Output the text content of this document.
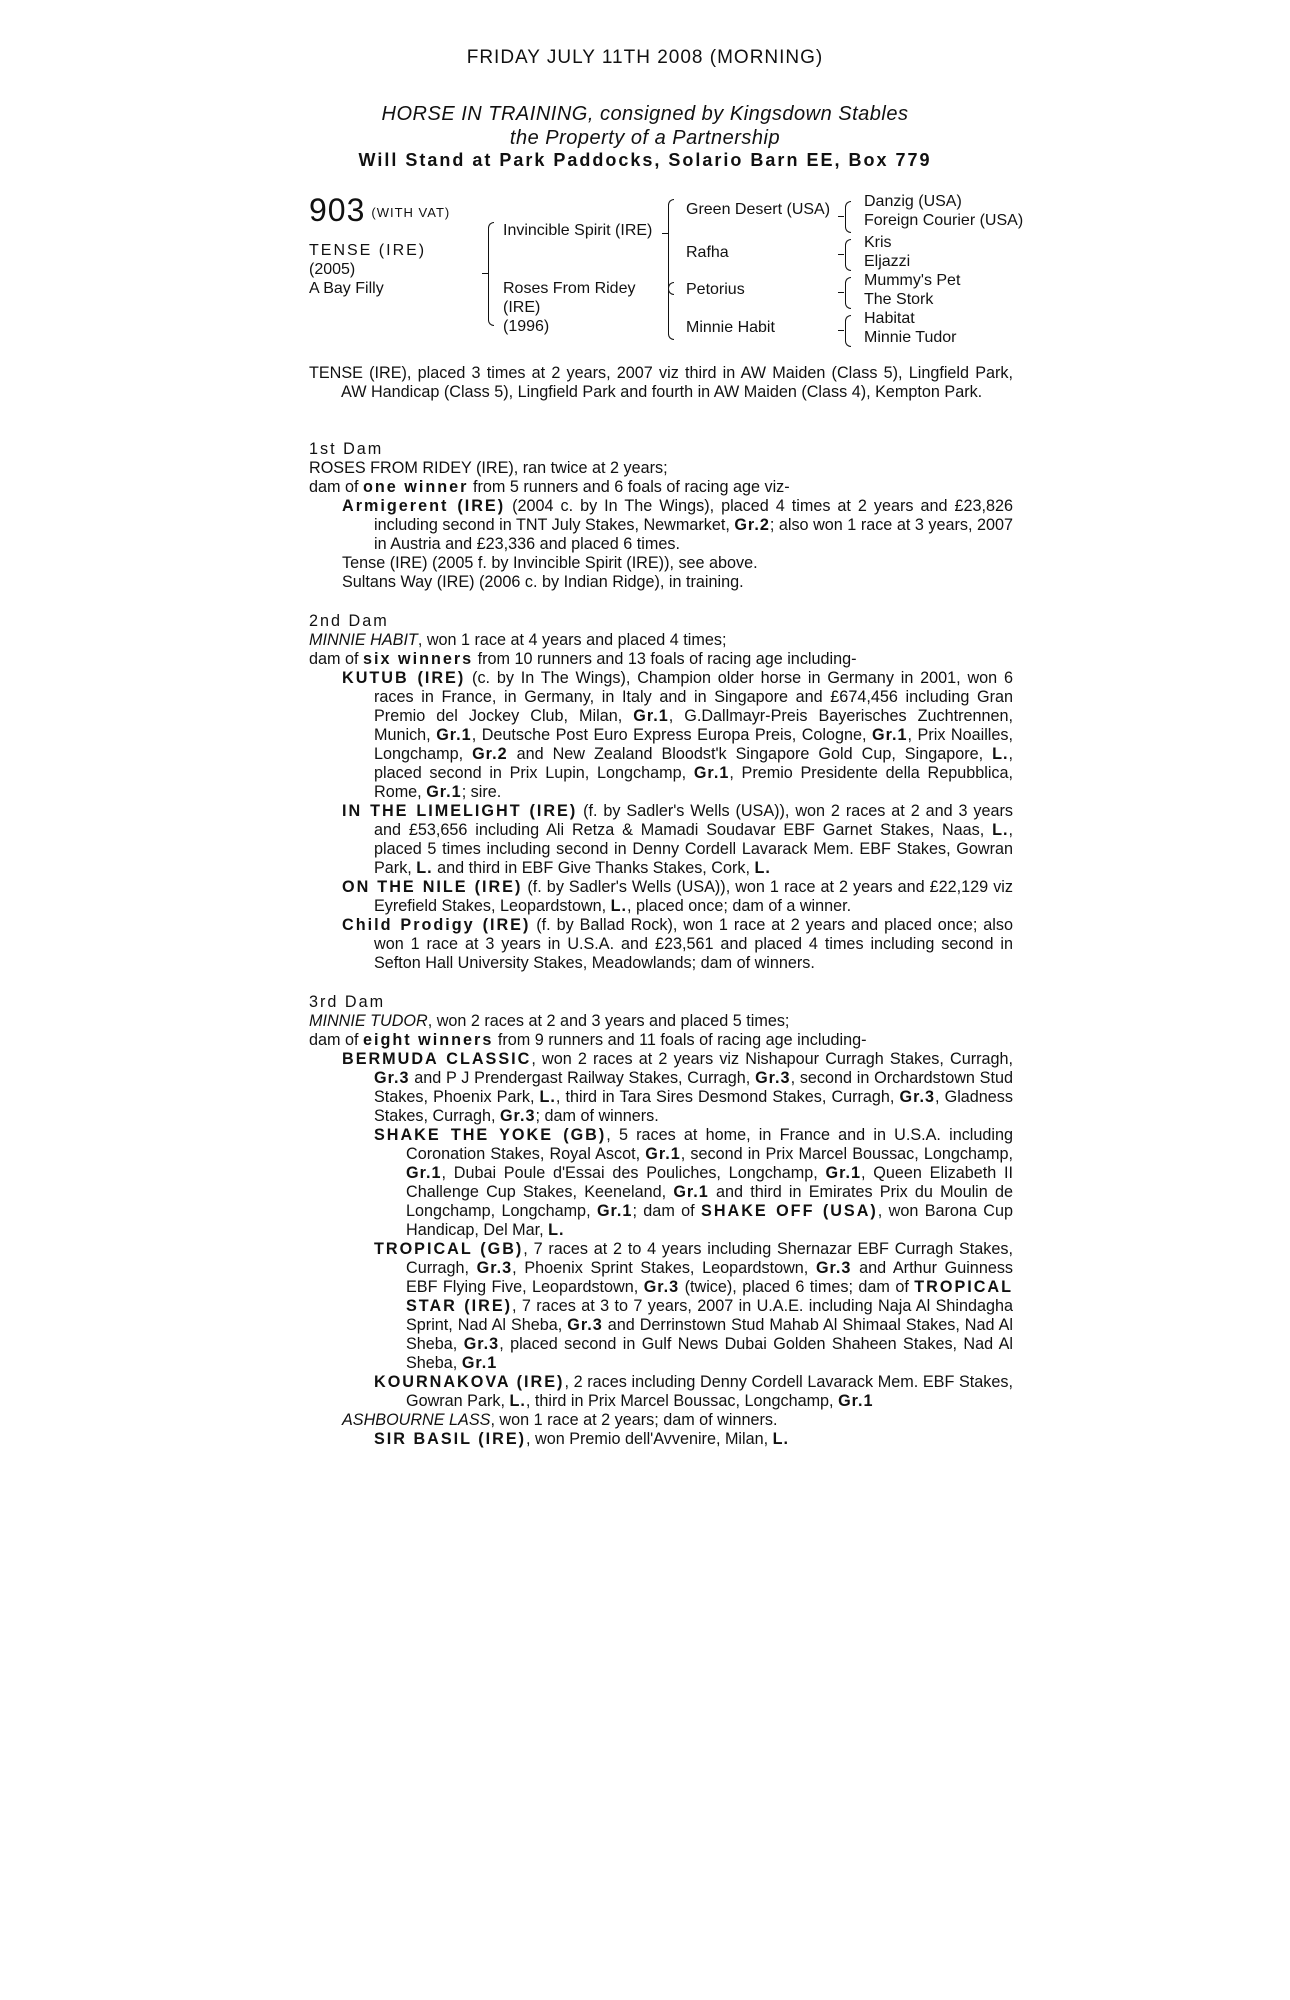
FRIDAY JULY 11TH 2008 (MORNING)
HORSE IN TRAINING, consigned by Kingsdown Stables
the Property of a Partnership
Will Stand at Park Paddocks, Solario Barn EE, Box 779
903 (WITH VAT)
TENSE (IRE)
(2005)
A Bay Filly
Invincible Spirit (IRE)
Roses From Ridey
(IRE)
(1996)
Green Desert (USA)
Rafha
Petorius
Minnie Habit
Danzig (USA)
Foreign Courier (USA)
Kris
Eljazzi
Mummy's Pet
The Stork
Habitat
Minnie Tudor
TENSE (IRE), placed 3 times at 2 years, 2007 viz third in AW Maiden (Class 5), Lingfield Park, AW Handicap (Class 5), Lingfield Park and fourth in AW Maiden (Class 4), Kempton Park.
1st Dam
ROSES FROM RIDEY (IRE), ran twice at 2 years;
dam of one winner from 5 runners and 6 foals of racing age viz-
Armigerent (IRE) (2004 c. by In The Wings), placed 4 times at 2 years and £23,826 including second in TNT July Stakes, Newmarket, Gr.2; also won 1 race at 3 years, 2007 in Austria and £23,336 and placed 6 times.
Tense (IRE) (2005 f. by Invincible Spirit (IRE)), see above.
Sultans Way (IRE) (2006 c. by Indian Ridge), in training.
2nd Dam
MINNIE HABIT, won 1 race at 4 years and placed 4 times;
dam of six winners from 10 runners and 13 foals of racing age including-
KUTUB (IRE) (c. by In The Wings), Champion older horse in Germany in 2001, won 6 races in France, in Germany, in Italy and in Singapore and £674,456 including Gran Premio del Jockey Club, Milan, Gr.1, G.Dallmayr-Preis Bayerisches Zuchtrennen, Munich, Gr.1, Deutsche Post Euro Express Europa Preis, Cologne, Gr.1, Prix Noailles, Longchamp, Gr.2 and New Zealand Bloodst'k Singapore Gold Cup, Singapore, L., placed second in Prix Lupin, Longchamp, Gr.1, Premio Presidente della Repubblica, Rome, Gr.1; sire.
IN THE LIMELIGHT (IRE) (f. by Sadler's Wells (USA)), won 2 races at 2 and 3 years and £53,656 including Ali Retza & Mamadi Soudavar EBF Garnet Stakes, Naas, L., placed 5 times including second in Denny Cordell Lavarack Mem. EBF Stakes, Gowran Park, L. and third in EBF Give Thanks Stakes, Cork, L.
ON THE NILE (IRE) (f. by Sadler's Wells (USA)), won 1 race at 2 years and £22,129 viz Eyrefield Stakes, Leopardstown, L., placed once; dam of a winner.
Child Prodigy (IRE) (f. by Ballad Rock), won 1 race at 2 years and placed once; also won 1 race at 3 years in U.S.A. and £23,561 and placed 4 times including second in Sefton Hall University Stakes, Meadowlands; dam of winners.
3rd Dam
MINNIE TUDOR, won 2 races at 2 and 3 years and placed 5 times;
dam of eight winners from 9 runners and 11 foals of racing age including-
BERMUDA CLASSIC, won 2 races at 2 years viz Nishapour Curragh Stakes, Curragh, Gr.3 and P J Prendergast Railway Stakes, Curragh, Gr.3, second in Orchardstown Stud Stakes, Phoenix Park, L., third in Tara Sires Desmond Stakes, Curragh, Gr.3, Gladness Stakes, Curragh, Gr.3; dam of winners.
SHAKE THE YOKE (GB), 5 races at home, in France and in U.S.A. including Coronation Stakes, Royal Ascot, Gr.1, second in Prix Marcel Boussac, Longchamp, Gr.1, Dubai Poule d'Essai des Pouliches, Longchamp, Gr.1, Queen Elizabeth II Challenge Cup Stakes, Keeneland, Gr.1 and third in Emirates Prix du Moulin de Longchamp, Longchamp, Gr.1; dam of SHAKE OFF (USA), won Barona Cup Handicap, Del Mar, L.
TROPICAL (GB), 7 races at 2 to 4 years including Shernazar EBF Curragh Stakes, Curragh, Gr.3, Phoenix Sprint Stakes, Leopardstown, Gr.3 and Arthur Guinness EBF Flying Five, Leopardstown, Gr.3 (twice), placed 6 times; dam of TROPICAL STAR (IRE), 7 races at 3 to 7 years, 2007 in U.A.E. including Naja Al Shindagha Sprint, Nad Al Sheba, Gr.3 and Derrinstown Stud Mahab Al Shimaal Stakes, Nad Al Sheba, Gr.3, placed second in Gulf News Dubai Golden Shaheen Stakes, Nad Al Sheba, Gr.1
KOURNAKOVA (IRE), 2 races including Denny Cordell Lavarack Mem. EBF Stakes, Gowran Park, L., third in Prix Marcel Boussac, Longchamp, Gr.1
ASHBOURNE LASS, won 1 race at 2 years; dam of winners.
SIR BASIL (IRE), won Premio dell'Avvenire, Milan, L.
